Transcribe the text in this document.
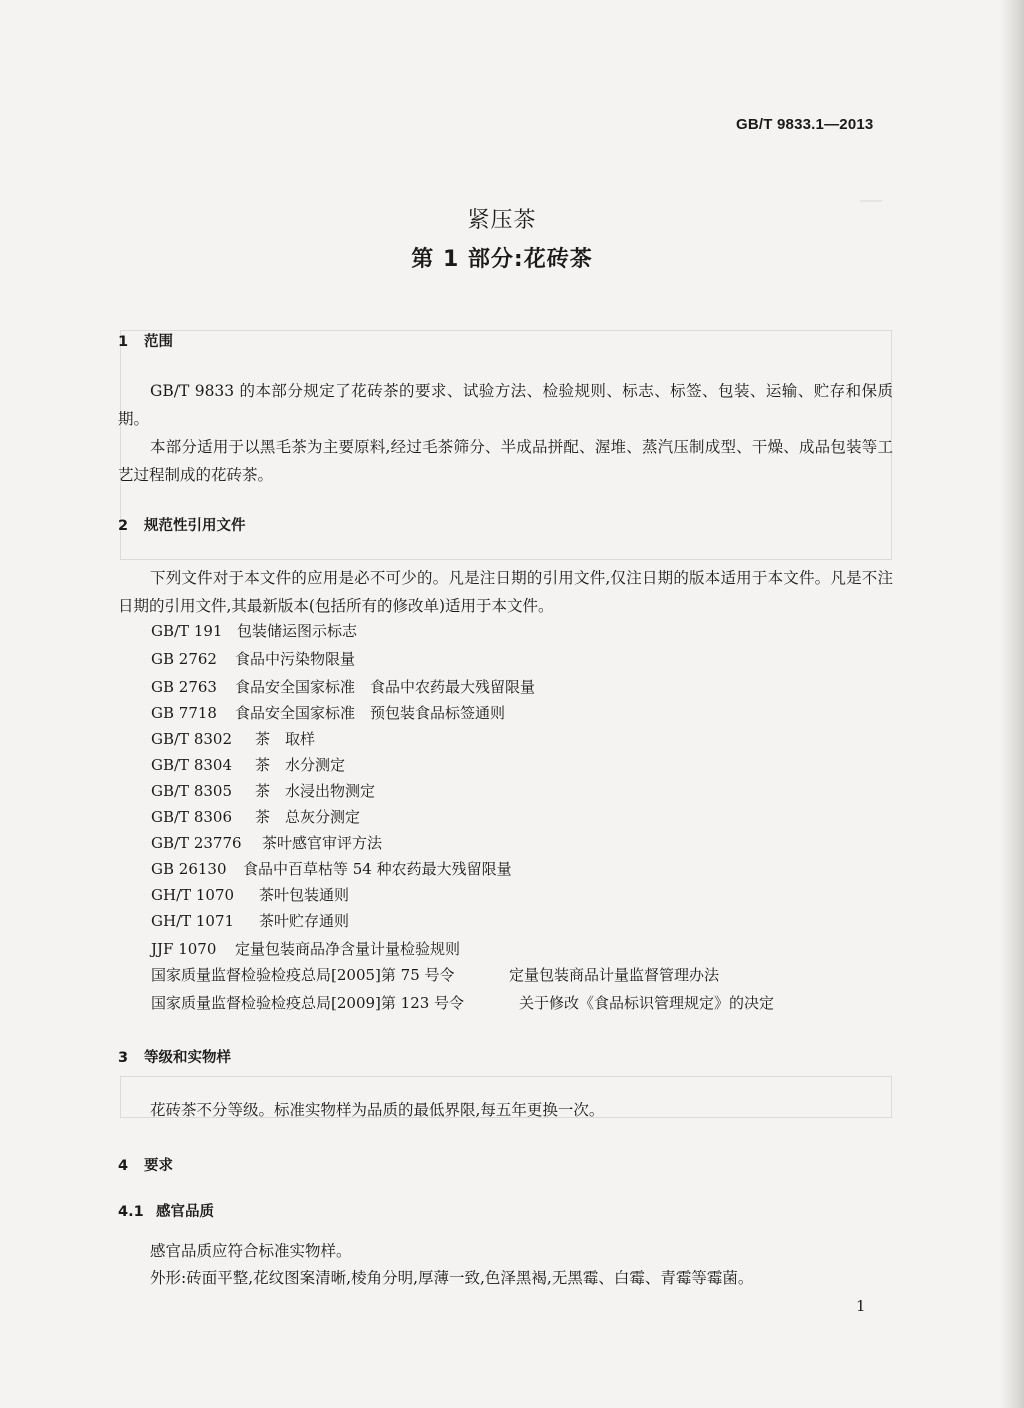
───
GB/T 9833.1—2013
紧压茶
第 1 部分:花砖茶
1 范围
GB/T 9833 的本部分规定了花砖茶的要求、试验方法、检验规则、标志、标签、包装、运输、贮存和保质期。
本部分适用于以黑毛茶为主要原料,经过毛茶筛分、半成品拼配、渥堆、蒸汽压制成型、干燥、成品包装等工艺过程制成的花砖茶。
2 规范性引用文件
下列文件对于本文件的应用是必不可少的。凡是注日期的引用文件,仅注日期的版本适用于本文件。凡是不注日期的引用文件,其最新版本(包括所有的修改单)适用于本文件。
GB/T 191 包装储运图示标志
GB 2762 食品中污染物限量
GB 2763 食品安全国家标准　食品中农药最大残留限量
GB 7718 食品安全国家标准　预包装食品标签通则
GB/T 8302 茶　取样
GB/T 8304 茶　水分测定
GB/T 8305 茶　水浸出物测定
GB/T 8306 茶　总灰分测定
GB/T 23776 茶叶感官审评方法
GB 26130 食品中百草枯等 54 种农药最大残留限量
GH/T 1070 茶叶包装通则
GH/T 1071 茶叶贮存通则
JJF 1070 定量包装商品净含量计量检验规则
国家质量监督检验检疫总局[2005]第 75 号令	定量包装商品计量监督管理办法
国家质量监督检验检疫总局[2009]第 123 号令	关于修改《食品标识管理规定》的决定
3 等级和实物样
花砖茶不分等级。标准实物样为品质的最低界限,每五年更换一次。
4 要求
4.1 感官品质
感官品质应符合标准实物样。
外形:砖面平整,花纹图案清晰,棱角分明,厚薄一致,色泽黑褐,无黑霉、白霉、青霉等霉菌。
1
